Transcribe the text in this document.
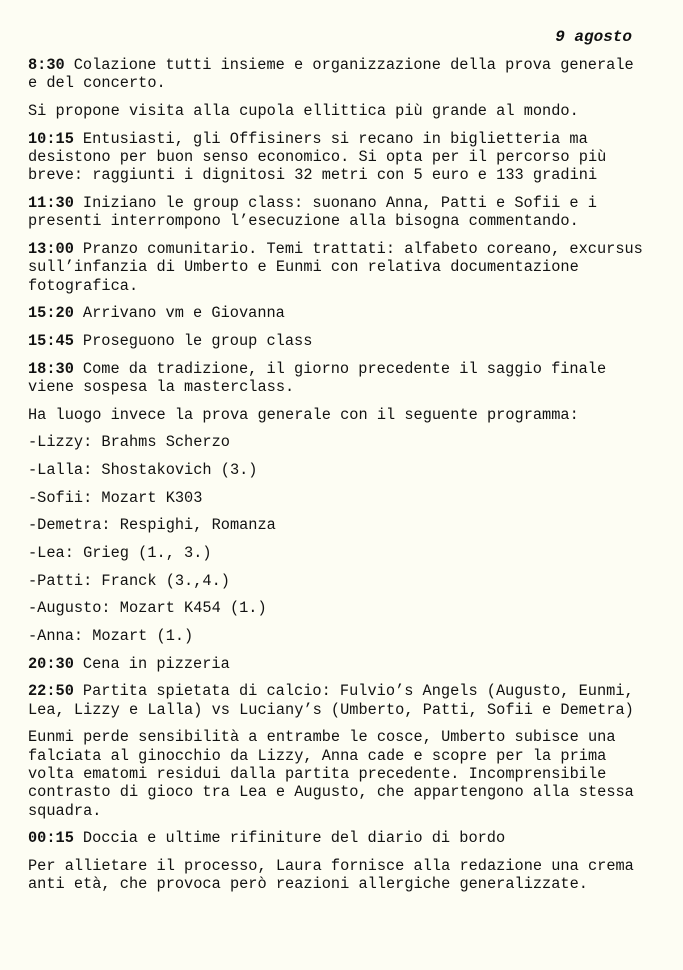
9 agosto

8:30 Colazione tutti insieme e organizzazione della prova generale e del concerto.

Si propone visita alla cupola ellittica più grande al mondo.

10:15 Entusiasti, gli Offisiners si recano in biglietteria ma desistono per buon senso economico. Si opta per il percorso più breve: raggiunti i dignitosi 32 metri con 5 euro e 133 gradini

11:30 Iniziano le group class: suonano Anna, Patti e Sofii e i presenti interrompono l’esecuzione alla bisogna commentando.

13:00 Pranzo comunitario. Temi trattati: alfabeto coreano, excursus sull’infanzia di Umberto e Eunmi con relativa documentazione fotografica.

15:20 Arrivano vm e Giovanna

15:45 Proseguono le group class

18:30 Come da tradizione, il giorno precedente il saggio finale viene sospesa la masterclass.

Ha luogo invece la prova generale con il seguente programma:

-Lizzy: Brahms Scherzo

-Lalla: Shostakovich (3.)

-Sofii: Mozart K303

-Demetra: Respighi, Romanza

-Lea: Grieg (1., 3.)

-Patti: Franck (3.,4.)

-Augusto: Mozart K454 (1.)

-Anna: Mozart (1.)

20:30 Cena in pizzeria

22:50 Partita spietata di calcio: Fulvio’s Angels (Augusto, Eunmi, Lea, Lizzy e Lalla) vs Luciany’s (Umberto, Patti, Sofii e Demetra)

Eunmi perde sensibilità a entrambe le cosce, Umberto subisce una falciata al ginocchio da Lizzy, Anna cade e scopre per la prima volta ematomi residui dalla partita precedente. Incomprensibile contrasto di gioco tra Lea e Augusto, che appartengono alla stessa squadra.

00:15 Doccia e ultime rifiniture del diario di bordo

Per allietare il processo, Laura fornisce alla redazione una crema anti età, che provoca però reazioni allergiche generalizzate.
